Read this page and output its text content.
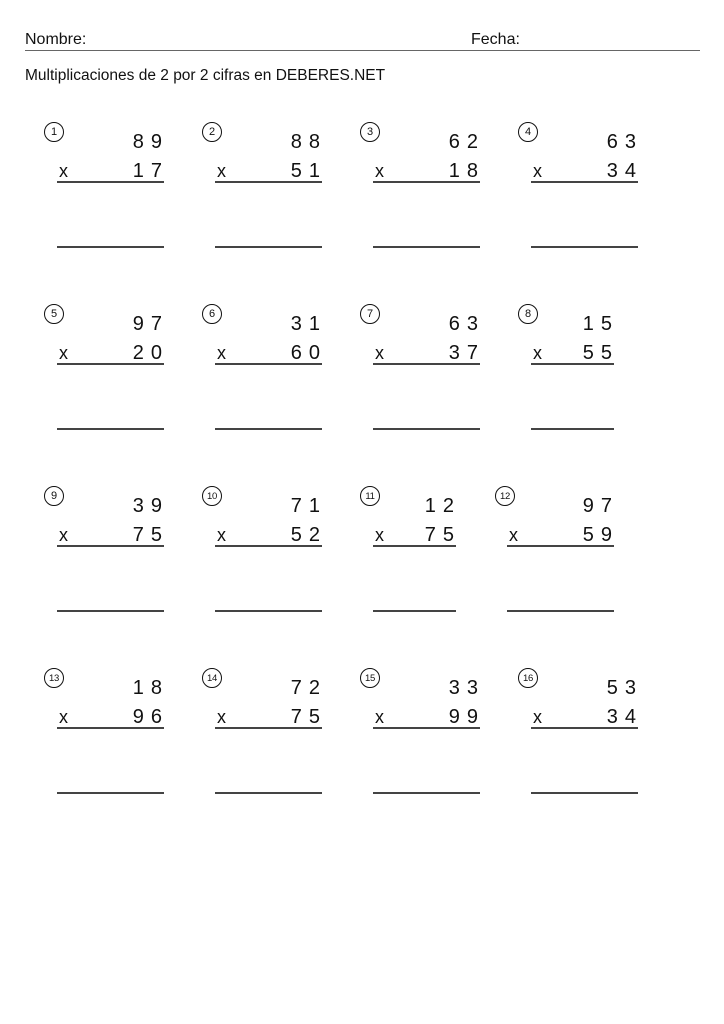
Nombre:	Fecha:
Multiplicaciones de 2 por 2 cifras en DEBERES.NET
1	89
x	17
2	88
x	51
3	62
x	18
4	63
x	34
5	97
x	20
6	31
x	60
7	63
x	37
8	15
x 55
9	39
x	75
10	71
x	52
11	12
x 75
12	97
x	59
13	18
x	96
14	72
x	75
15	33
x	99
16	53
x	34
